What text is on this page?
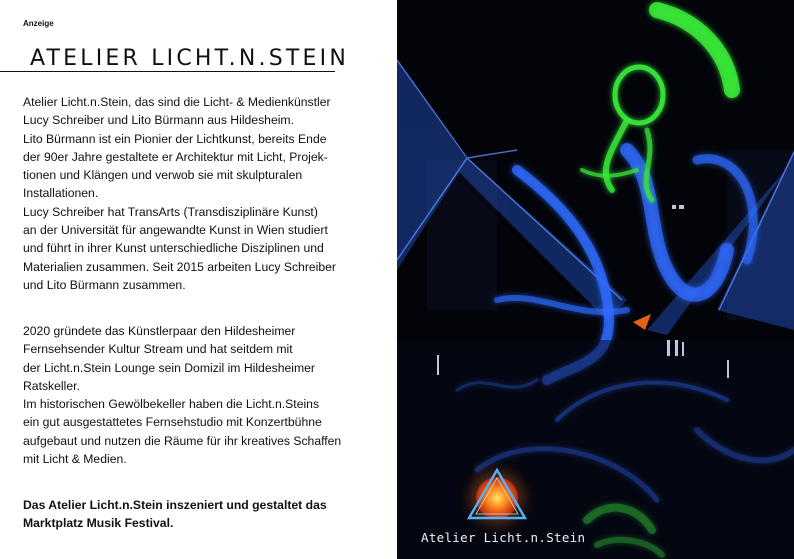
Anzeige
ATELIER LICHT.N.STEIN

Atelier Licht.n.Stein, das sind die Licht- & Medienkünstler
Lucy Schreiber und Lito Bürmann aus Hildesheim.
Lito Bürmann ist ein Pionier der Lichtkunst, bereits Ende
der 90er Jahre gestaltete er Architektur mit Licht, Projek-
tionen und Klängen und verwob sie mit skulpturalen
Installationen.
Lucy Schreiber hat TransArts (Transdisziplinäre Kunst)
an der Universität für angewandte Kunst in Wien studiert
und führt in ihrer Kunst unterschiedliche Disziplinen und
Materialien zusammen. Seit 2015 arbeiten Lucy Schreiber
und Lito Bürmann zusammen.

2020 gründete das Künstlerpaar den Hildesheimer
Fernsehsender Kultur Stream und hat seitdem mit
der Licht.n.Stein Lounge sein Domizil im Hildesheimer
Ratskeller.
Im historischen Gewölbekeller haben die Licht.n.Steins
ein gut ausgestattetes Fernsehstudio mit Konzertbühne
aufgebaut und nutzen die Räume für ihr kreatives Schaffen
mit Licht & Medien.

Das Atelier Licht.n.Stein inszeniert und gestaltet das
Marktplatz Musik Festival.

Atelier Licht.n.Stein
